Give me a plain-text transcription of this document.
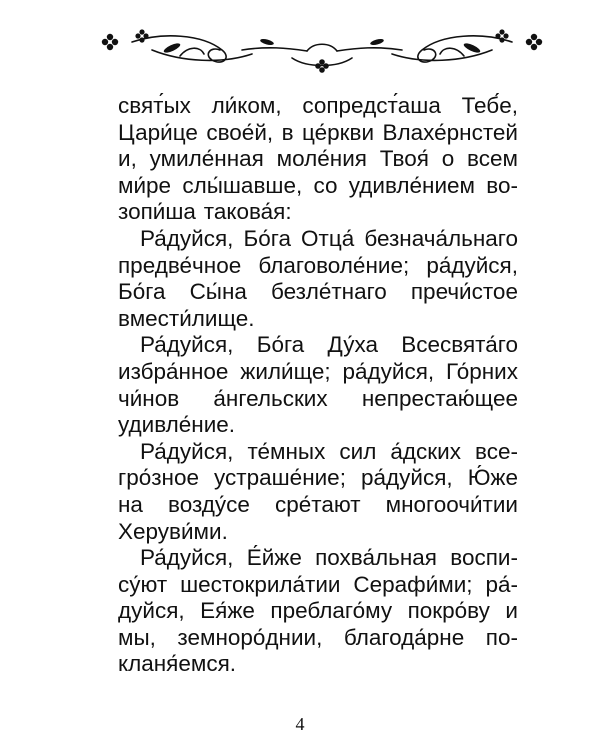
свят́ых ли́ком, сопредст́аша Теб́е,
Цари́це свое́й, в це́ркви Влахе́рнстей
и, умиле́нная моле́ния Твоя́ о всем
ми́ре слы́шавше, со удивле́нием во-
зопи́ша такова́я:
Ра́дуйся, Бо́га Отца́ безнача́льнаго
предве́чное благоволе́ние; ра́дуйся,
Бо́га Сы́на безле́тнаго пречи́стое
вмести́лище.
Ра́дуйся, Бо́га Ду́ха Всесвята́го
избра́нное жили́ще; ра́дуйся, Го́рних
чи́нов а́нгельских непрестаю́щее
удивле́ние.
Ра́дуйся, те́мных сил а́дских все-
гро́зное устраше́ние; ра́дуйся, Ю́же
на возду́се сре́тают многоочи́тии
Херуви́ми.
Ра́дуйся, Е́йже похва́льная воспи-
су́ют шестокрила́тии Серафи́ми; ра́-
дуйся, Ея́же преблаго́му покро́ву и
мы, земноро́днии, благода́рне по-
кланя́емся.
4
